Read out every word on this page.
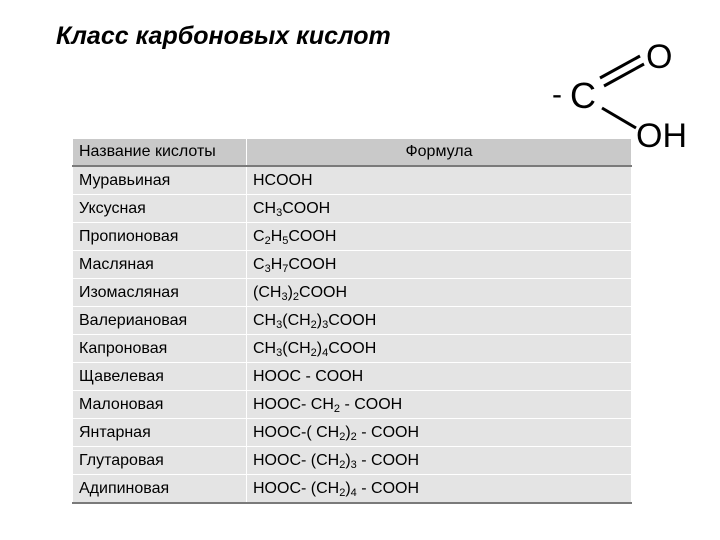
Класс карбоновых кислот
- C
O
OH
Название кислоты	Формула
Муравьиная	HCOOH
Уксусная	$CH_3COOH$
Пропионовая	$C_2H_5COOH$
Масляная	$C_3H_7COOH$
Изомасляная	$(CH_3)_2COOH$
Валериановая	$CH_3(CH_2)_3COOH$
Капроновая	$CH_3(CH_2)_4COOH$
Щавелевая	HOOC - COOH
Малоновая	HOOC- $CH_2$ - COOH
Янтарная	HOOC-( $CH_2)_2$ - COOH
Глутаровая	HOOC- $(CH_2)_3$ - COOH
Адипиновая	HOOC- $(CH_2)_4$ - COOH
